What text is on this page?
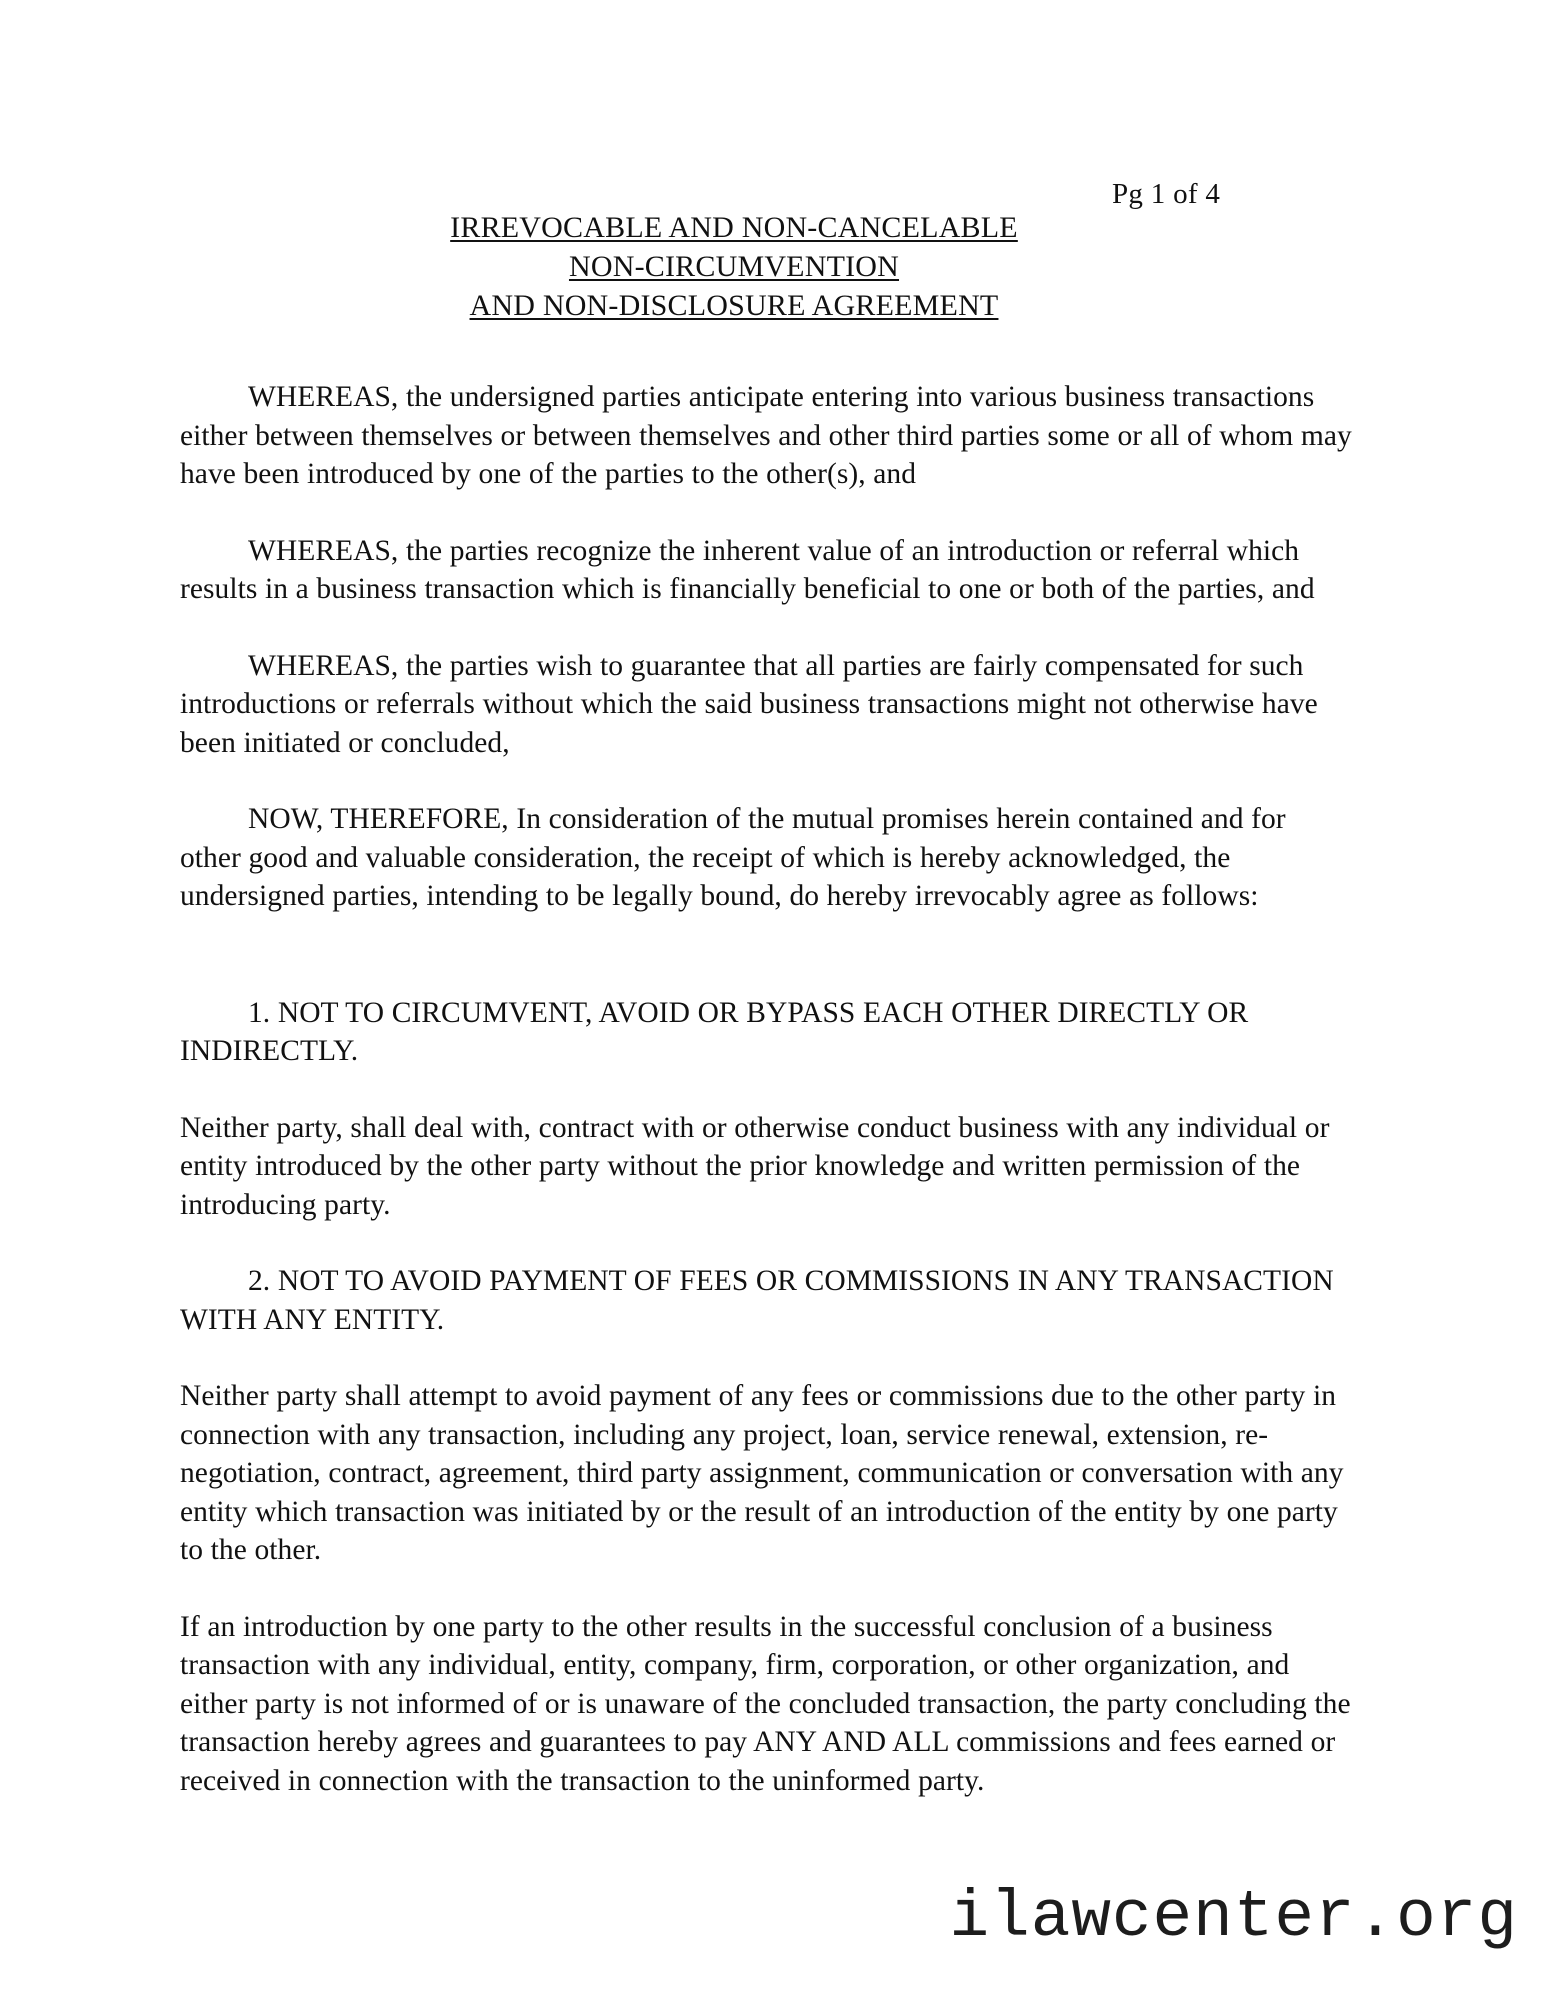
Pg 1 of 4
IRREVOCABLE AND NON-CANCELABLE
NON-CIRCUMVENTION
AND NON-DISCLOSURE AGREEMENT

WHEREAS, the undersigned parties anticipate entering into various business transactions either between themselves or between themselves and other third parties some or all of whom may have been introduced by one of the parties to the other(s), and

WHEREAS, the parties recognize the inherent value of an introduction or referral which results in a business transaction which is financially beneficial to one or both of the parties, and

WHEREAS, the parties wish to guarantee that all parties are fairly compensated for such introductions or referrals without which the said business transactions might not otherwise have been initiated or concluded,

NOW, THEREFORE, In consideration of the mutual promises herein contained and for other good and valuable consideration, the receipt of which is hereby acknowledged, the undersigned parties, intending to be legally bound, do hereby irrevocably agree as follows:

1. NOT TO CIRCUMVENT, AVOID OR BYPASS EACH OTHER DIRECTLY OR INDIRECTLY.

Neither party, shall deal with, contract with or otherwise conduct business with any individual or entity introduced by the other party without the prior knowledge and written permission of the introducing party.

2. NOT TO AVOID PAYMENT OF FEES OR COMMISSIONS IN ANY TRANSACTION WITH ANY ENTITY.

Neither party shall attempt to avoid payment of any fees or commissions due to the other party in connection with any transaction, including any project, loan, service renewal, extension, re-negotiation, contract, agreement, third party assignment, communication or conversation with any entity which transaction was initiated by or the result of an introduction of the entity by one party to the other.

If an introduction by one party to the other results in the successful conclusion of a business transaction with any individual, entity, company, firm, corporation, or other organization, and either party is not informed of or is unaware of the concluded transaction, the party concluding the transaction hereby agrees and guarantees to pay ANY AND ALL commissions and fees earned or received in connection with the transaction to the uninformed party.

ilawcenter.org
